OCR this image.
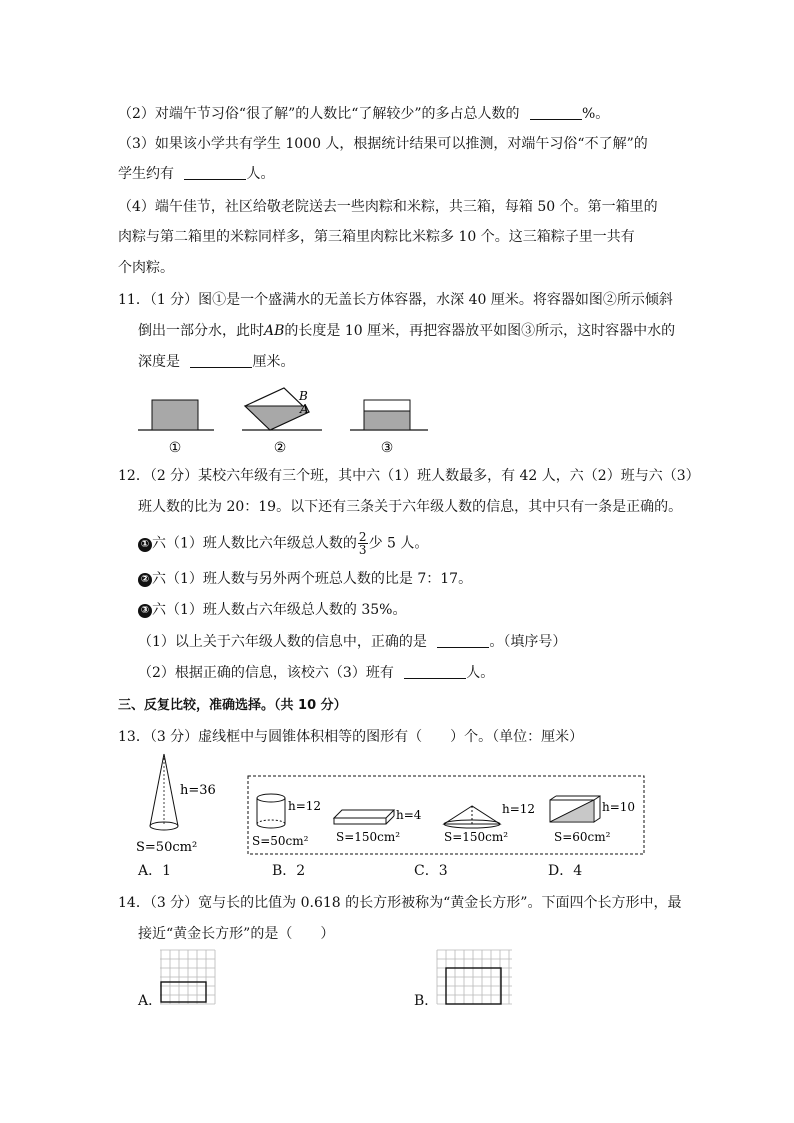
（2）对端午节习俗“很了解”的人数比“了解较少”的多占总人数的	%。
（3）如果该小学共有学生 1000 人，根据统计结果可以推测，对端午习俗“不了解”的
学生约有	人。
（4）端午佳节，社区给敬老院送去一些肉粽和米粽，共三箱，每箱 50 个。第一箱里的
肉粽与第二箱里的米粽同样多，第三箱里肉粽比米粽多 10 个。这三箱粽子里一共有
个肉粽。
11．（1 分）图①是一个盛满水的无盖长方体容器，水深 40 厘米。将容器如图②所示倾斜
倒出一部分水，此时AB的长度是 10 厘米，再把容器放平如图③所示，这时容器中水的
深度是	厘米。
B
A
①	②	③
12．（2 分）某校六年级有三个班，其中六（1）班人数最多，有 42 人，六（2）班与六（3）
班人数的比为 20：19。以下还有三条关于六年级人数的信息，其中只有一条是正确的。
① 六（1）班人数比六年级总人数的 $\frac{2}{3}$ 少 5 人。
② 六（1）班人数与另外两个班总人数的比是 7：17。
③ 六（1）班人数占六年级总人数的 35%。
（1）以上关于六年级人数的信息中，正确的是	。（填序号）
（2）根据正确的信息，该校六（3）班有	人。
三、反复比较，准确选择。（共 10 分）
13．（3 分）虚线框中与圆锥体积相等的图形有（　　）个。（单位：厘米）
h=36
S=50cm²
h=12
S=50cm²
h=4
S=150cm²
h=12
S=150cm²
h=10
S=60cm²
A．1	B．2	C．3	D．4
14．（3 分）宽与长的比值为 0.618 的长方形被称为“黄金长方形”。下面四个长方形中，最
接近“黄金长方形”的是（　　）
A．	B．
